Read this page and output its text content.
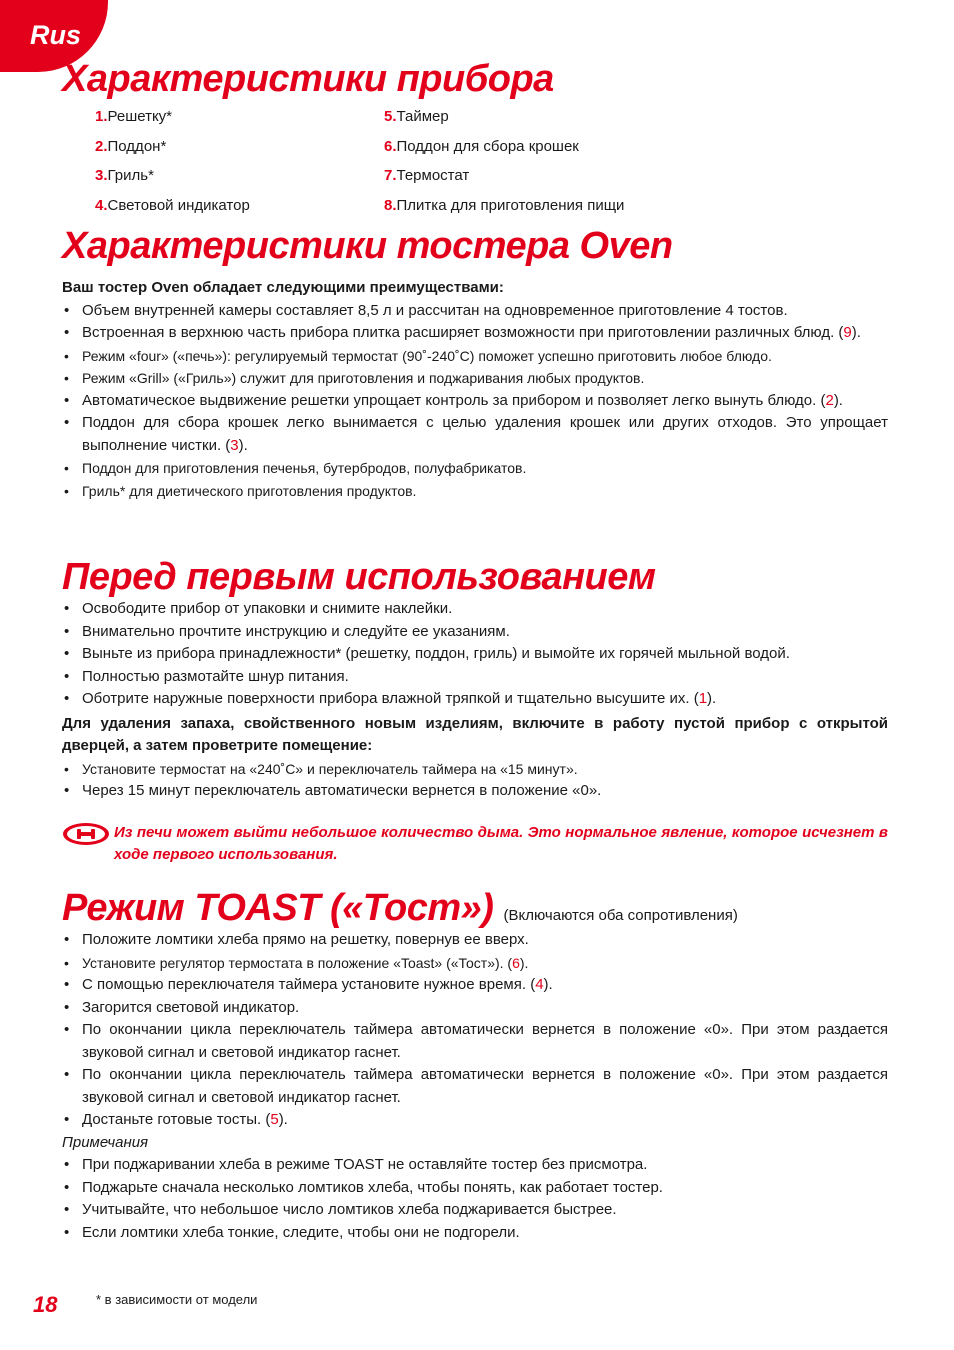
Rus
Характеристики прибора
1.Решетку*
2.Поддон*
3.Гриль*
4.Световой индикатор
5.Таймер
6.Поддон для сбора крошек
7.Термостат
8.Плитка для приготовления пищи
Характеристики тостера Oven

Ваш тостер Oven обладает следующими преимуществами:

• Объем внутренней камеры составляет 8,5 л и рассчитан на одновременное приготовление 4 тостов.
• Встроенная в верхнюю часть прибора плитка расширяет возможности при приготовлении различных блюд. (9).
• Режим «four» («печь»): регулируемый термостат (90˚-240˚C) поможет успешно приготовить любое блюдо.
• Режим «Grill» («Гриль») служит для приготовления и поджаривания любых продуктов.
• Автоматическое выдвижение решетки упрощает контроль за прибором и позволяет легко вынуть блюдо. (2).
• Поддон для сбора крошек легко вынимается с целью удаления крошек или других отходов. Это упрощает выполнение чистки. (3).
• Поддон для приготовления печенья, бутербродов, полуфабрикатов.
• Гриль* для диетического приготовления продуктов.
Перед первым использованием
• Освободите прибор от упаковки и снимите наклейки.
• Внимательно прочтите инструкцию и следуйте ее указаниям.
• Выньте из прибора принадлежности* (решетку, поддон, гриль) и вымойте их горячей мыльной водой.
• Полностью размотайте шнур питания.
• Оботрите наружные поверхности прибора влажной тряпкой и тщательно высушите их. (1).

Для удаления запаха, свойственного новым изделиям, включите в работу пустой прибор с открытой дверцей, а затем проветрите помещение:

• Установите термостат на «240˚C» и переключатель таймера на «15 минут».
• Через 15 минут переключатель автоматически вернется в положение «0».
Из печи может выйти небольшое количество дыма. Это нормальное явление, которое исчезнет в ходе первого использования.
Режим TOAST («Тост») (Включаются оба сопротивления)
• Положите ломтики хлеба прямо на решетку, повернув ее вверх.
• Установите регулятор термостата в положение «Toast» («Тост»). (6).
• С помощью переключателя таймера установите нужное время. (4).
• Загорится световой индикатор.
• По окончании цикла переключатель таймера автоматически вернется в положение «0». При этом раздается звуковой сигнал и световой индикатор гаснет.
• По окончании цикла переключатель таймера автоматически вернется в положение «0». При этом раздается звуковой сигнал и световой индикатор гаснет.
• Достаньте готовые тосты. (5).
Примечания
• При поджаривании хлеба в режиме TOAST не оставляйте тостер без присмотра.
• Поджарьте сначала несколько ломтиков хлеба, чтобы понять, как работает тостер.
• Учитывайте, что небольшое число ломтиков хлеба поджаривается быстрее.
• Если ломтики хлеба тонкие, следите, чтобы они не подгорели.
18	* в зависимости от модели
